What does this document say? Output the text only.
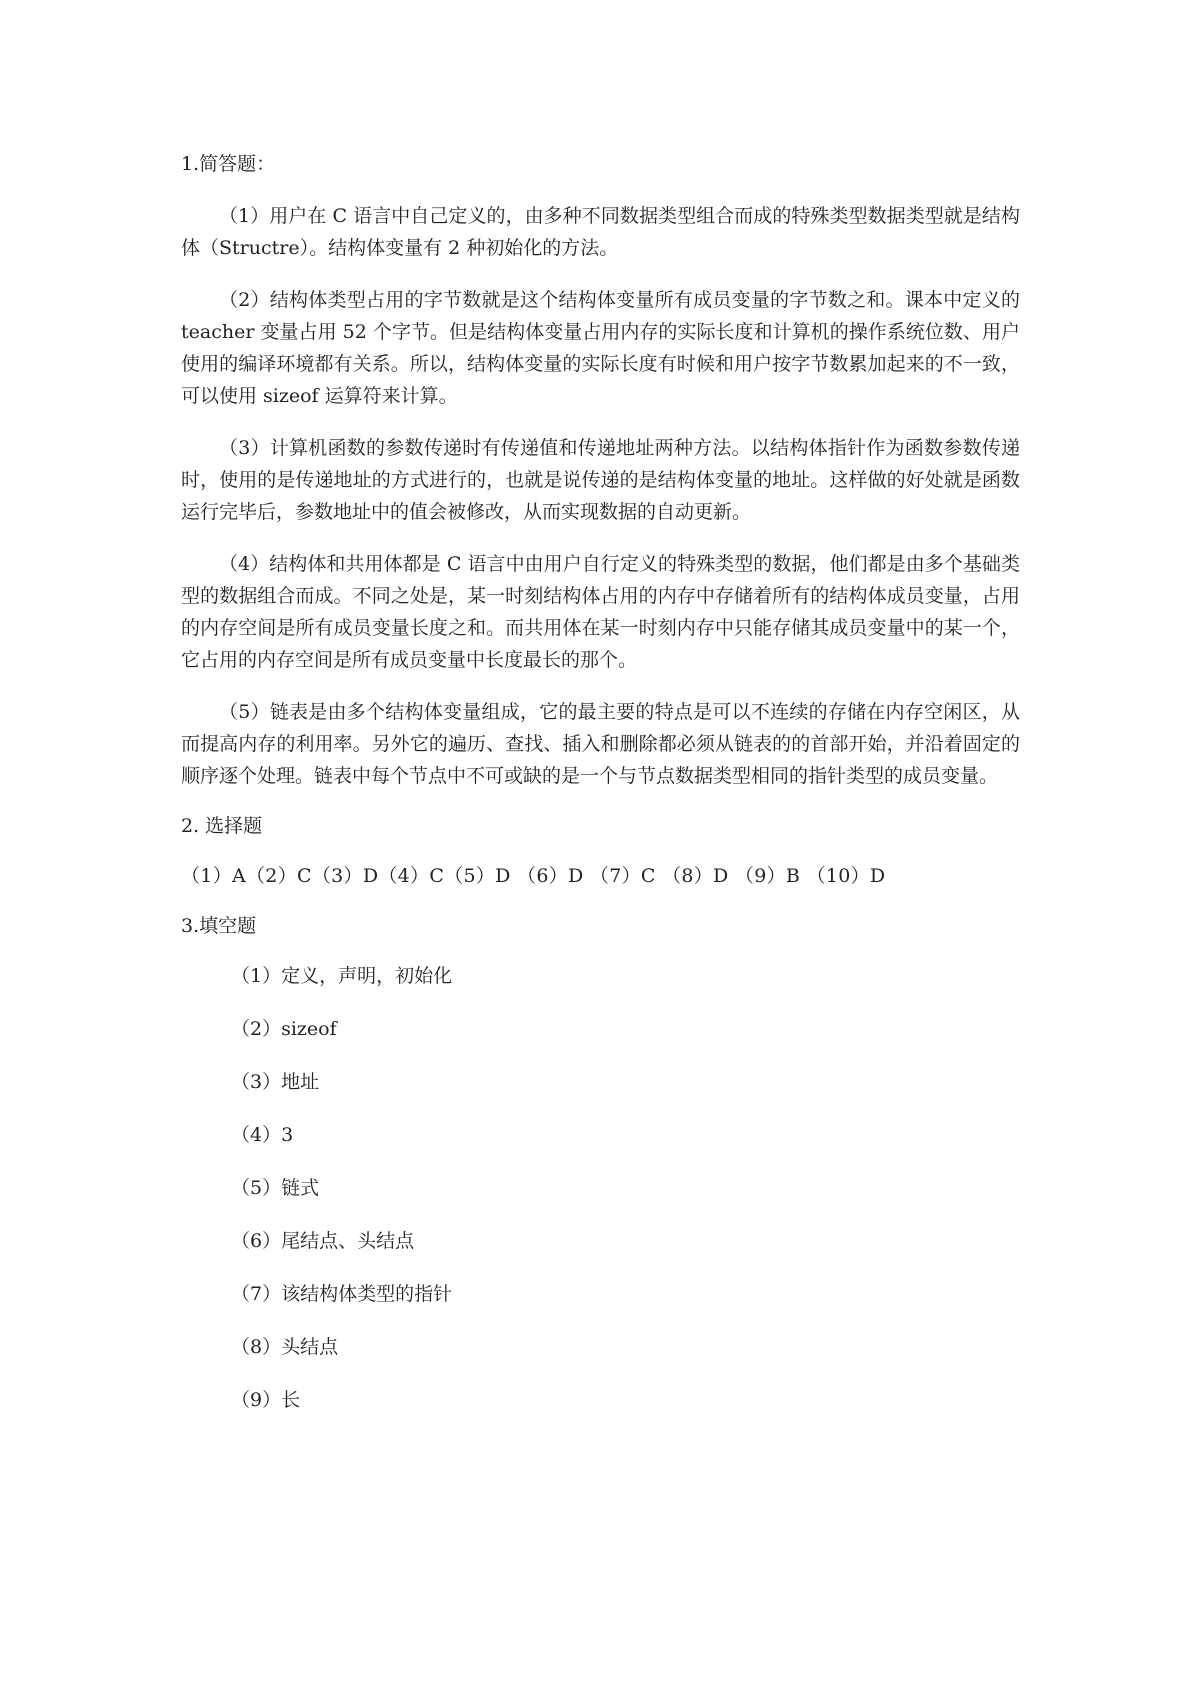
1.简答题：

（1）用户在 C 语言中自己定义的，由多种不同数据类型组合而成的特殊类型数据类型就是结构体（Structre）。结构体变量有 2 种初始化的方法。

（2）结构体类型占用的字节数就是这个结构体变量所有成员变量的字节数之和。课本中定义的 teacher 变量占用 52 个字节。但是结构体变量占用内存的实际长度和计算机的操作系统位数、用户使用的编译环境都有关系。所以，结构体变量的实际长度有时候和用户按字节数累加起来的不一致，可以使用 sizeof 运算符来计算。

（3）计算机函数的参数传递时有传递值和传递地址两种方法。以结构体指针作为函数参数传递时，使用的是传递地址的方式进行的，也就是说传递的是结构体变量的地址。这样做的好处就是函数运行完毕后，参数地址中的值会被修改，从而实现数据的自动更新。

（4）结构体和共用体都是 C 语言中由用户自行定义的特殊类型的数据，他们都是由多个基础类型的数据组合而成。不同之处是，某一时刻结构体占用的内存中存储着所有的结构体成员变量，占用的内存空间是所有成员变量长度之和。而共用体在某一时刻内存中只能存储其成员变量中的某一个，它占用的内存空间是所有成员变量中长度最长的那个。

（5）链表是由多个结构体变量组成，它的最主要的特点是可以不连续的存储在内存空闲区，从而提高内存的利用率。另外它的遍历、查找、插入和删除都必须从链表的的首部开始，并沿着固定的顺序逐个处理。链表中每个节点中不可或缺的是一个与节点数据类型相同的指针类型的成员变量。

2. 选择题
（1）A（2）C（3）D（4）C（5）D （6）D （7）C （8）D （9）B （10）D
3.填空题
（1）定义，声明，初始化
（2）sizeof
（3）地址
（4）3
（5）链式
（6）尾结点、头结点
（7）该结构体类型的指针
（8）头结点
（9）长
